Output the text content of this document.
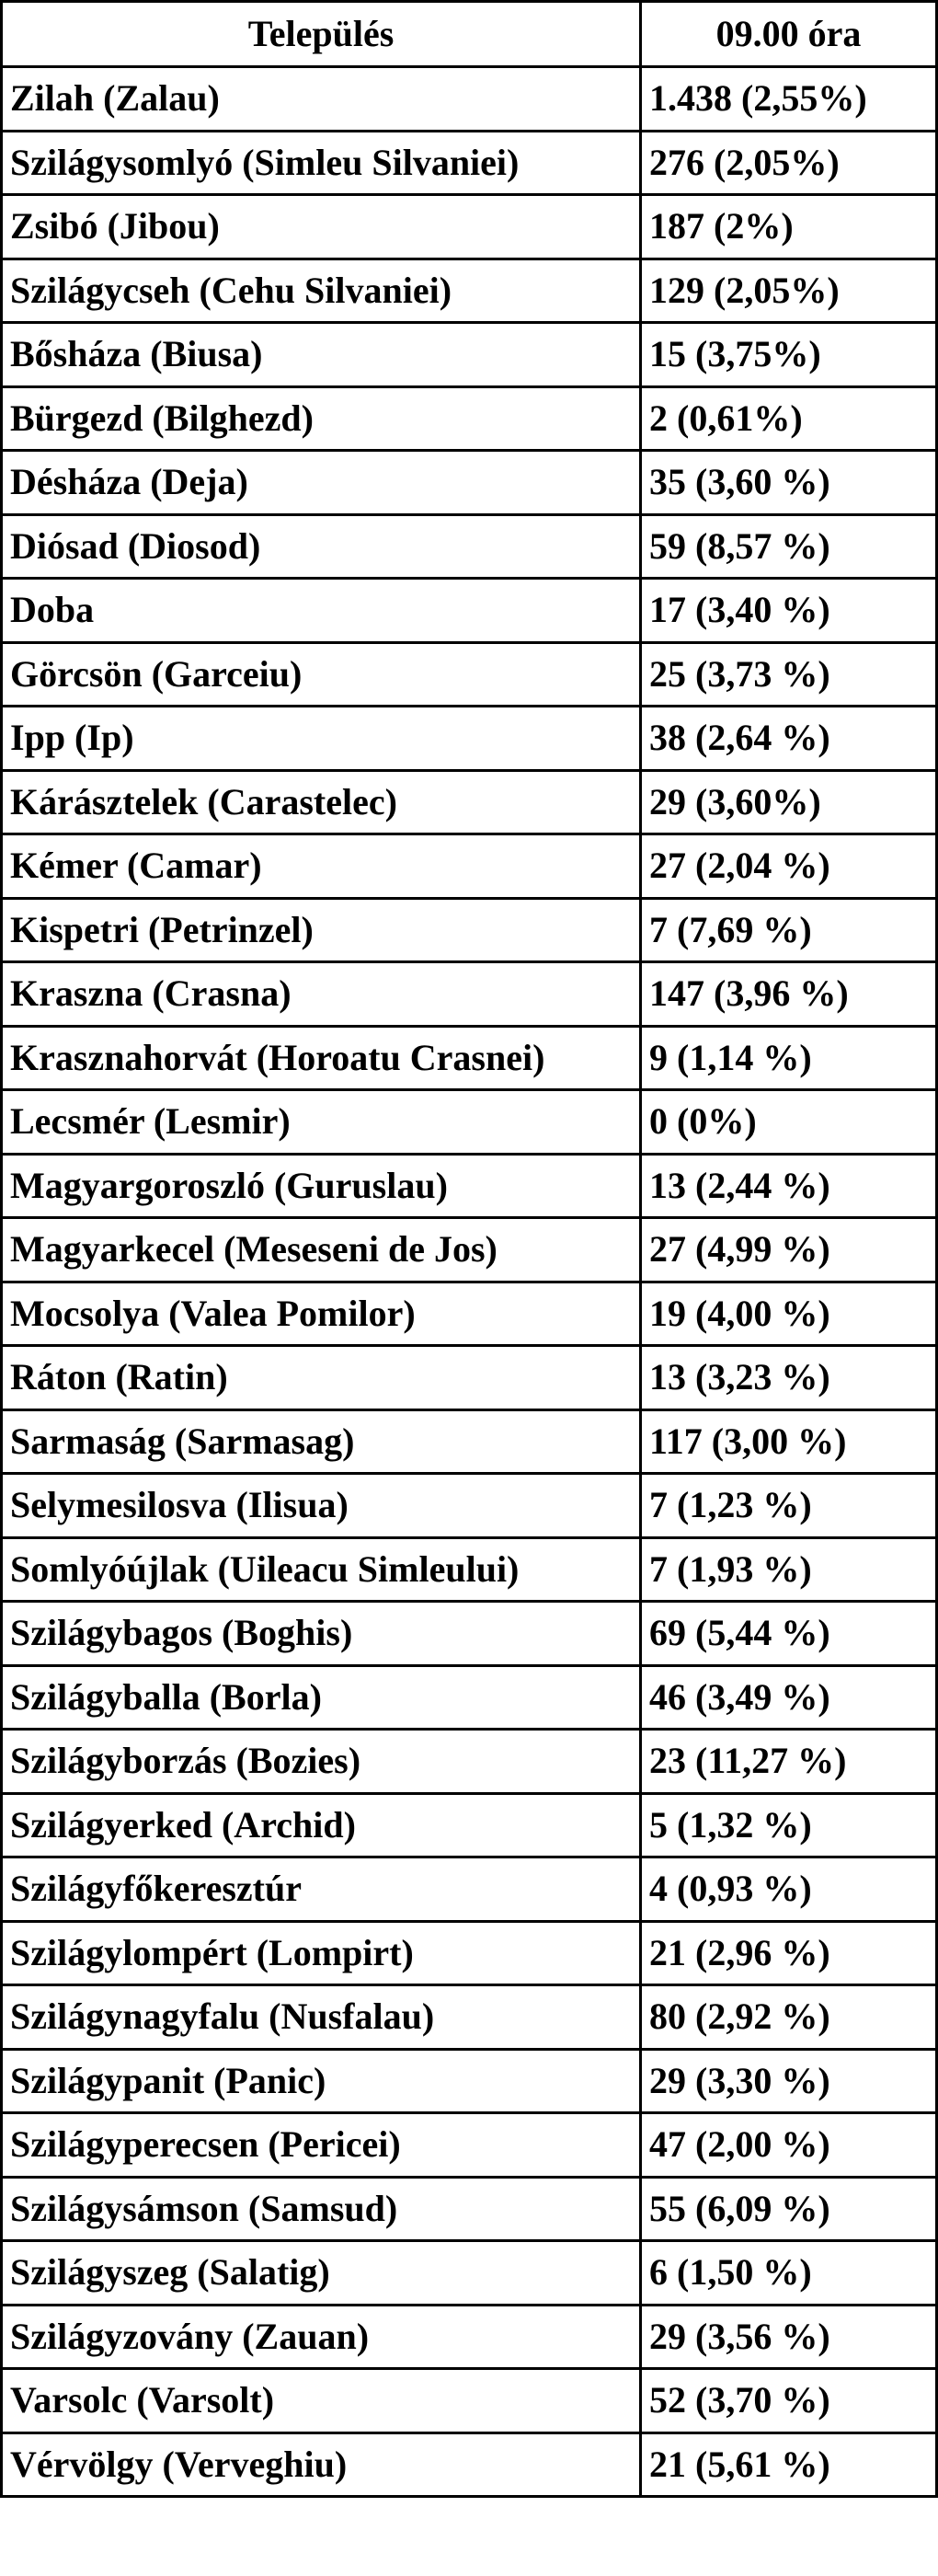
Település	09.00 óra	
Zilah (Zalau)	1.438 (2,55%)	
Szilágysomlyó (Simleu Silvaniei)	276 (2,05%)	
Zsibó (Jibou)	187 (2%)	
Szilágycseh (Cehu Silvaniei)	129 (2,05%)	
Bősháza (Biusa)	15 (3,75%)	
Bürgezd (Bilghezd)	2 (0,61%)	
Désháza (Deja)	35 (3,60 %)	
Diósad (Diosod)	59 (8,57 %)	
Doba	17 (3,40 %)	
Görcsön (Garceiu)	25 (3,73 %)	
Ipp (Ip)	38 (2,64 %)	
Kárásztelek (Carastelec)	29 (3,60%)	
Kémer (Camar)	27 (2,04 %)	
Kispetri (Petrinzel)	7 (7,69 %)	
Kraszna (Crasna)	147 (3,96 %)	
Krasznahorvát (Horoatu Crasnei)	9 (1,14 %)	
Lecsmér (Lesmir)	0 (0%)	
Magyargoroszló (Guruslau)	13 (2,44 %)	
Magyarkecel (Meseseni de Jos)	27 (4,99 %)	
Mocsolya (Valea Pomilor)	19 (4,00 %)	
Ráton (Ratin)	13 (3,23 %)	
Sarmaság (Sarmasag)	117 (3,00 %)	
Selymesilosva (Ilisua)	7 (1,23 %)	
Somlyóújlak (Uileacu Simleului)	7 (1,93 %)	
Szilágybagos (Boghis)	69 (5,44 %)	
Szilágyballa (Borla)	46 (3,49 %)	
Szilágyborzás (Bozies)	23 (11,27 %)	
Szilágyerked (Archid)	5 (1,32 %)	
Szilágyfőkeresztúr	4 (0,93 %)	
Szilágylompért (Lompirt)	21 (2,96 %)	
Szilágynagyfalu (Nusfalau)	80 (2,92 %)	
Szilágypanit (Panic)	29 (3,30 %)	
Szilágyperecsen (Pericei)	47 (2,00 %)	
Szilágysámson (Samsud)	55 (6,09 %)	
Szilágyszeg (Salatig)	6 (1,50 %)	
Szilágyzovány (Zauan)	29 (3,56 %)	
Varsolc (Varsolt)	52 (3,70 %)	
Vérvölgy (Verveghiu)	21 (5,61 %)	
